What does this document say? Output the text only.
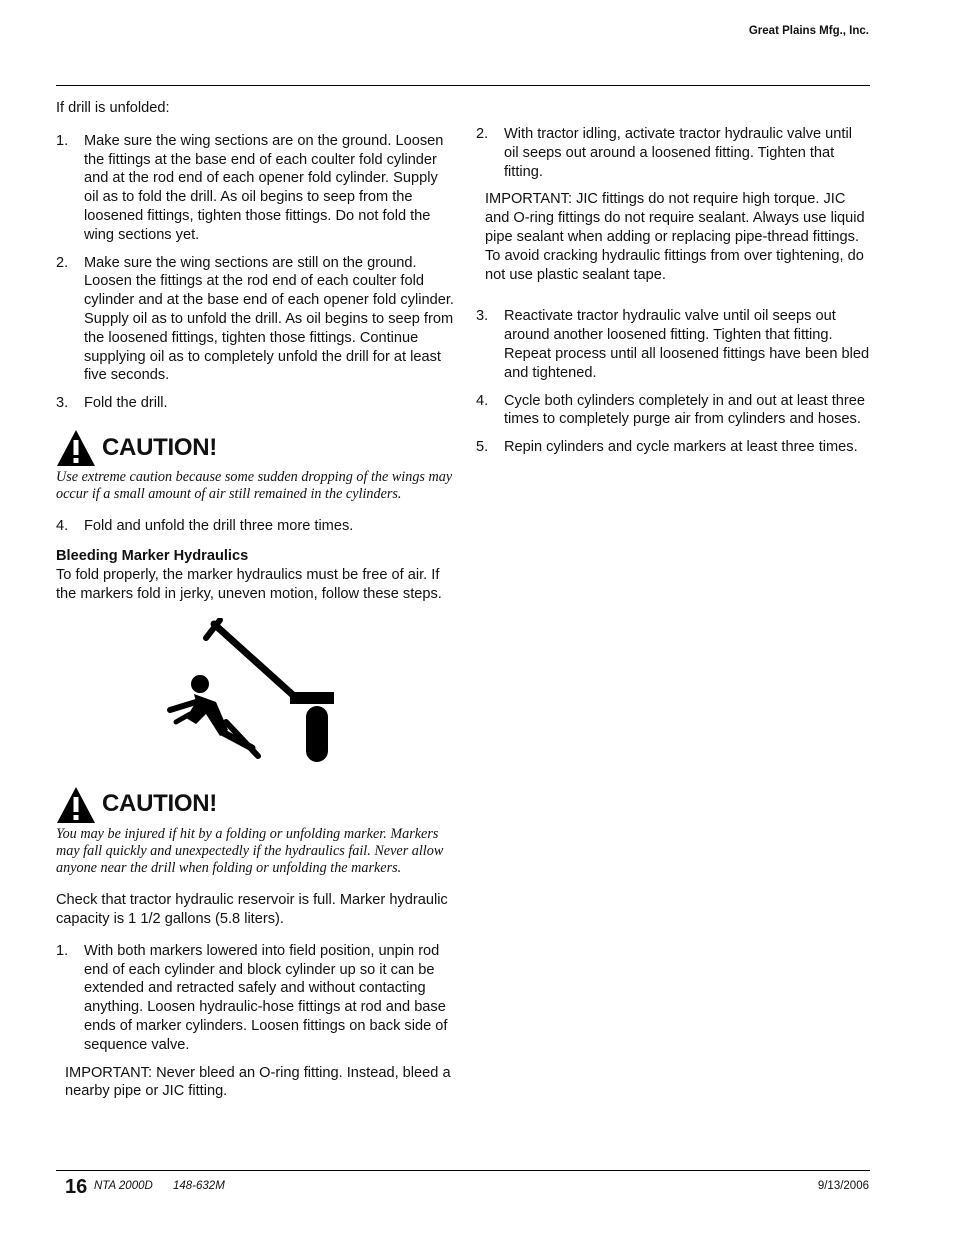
Great Plains Mfg., Inc.

If drill is unfolded:

1. Make sure the wing sections are on the ground. Loosen the fittings at the base end of each coulter fold cylinder and at the rod end of each opener fold cylinder. Supply oil as to fold the drill. As oil begins to seep from the loosened fittings, tighten those fittings. Do not fold the wing sections yet.
2. Make sure the wing sections are still on the ground. Loosen the fittings at the rod end of each coulter fold cylinder and at the base end of each opener fold cylinder. Supply oil as to unfold the drill. As oil begins to seep from the loosened fittings, tighten those fittings. Continue supplying oil as to completely unfold the drill for at least five seconds.
3. Fold the drill.
CAUTION!

Use extreme caution because some sudden dropping of the wings may occur if a small amount of air still remained in the cylinders.

4. Fold and unfold the drill three more times.

Bleeding Marker Hydraulics

To fold properly, the marker hydraulics must be free of air. If the markers fold in jerky, uneven motion, follow these steps.

CAUTION!

You may be injured if hit by a folding or unfolding marker. Markers may fall quickly and unexpectedly if the hydraulics fail. Never allow anyone near the drill when folding or unfolding the markers.

Check that tractor hydraulic reservoir is full. Marker hydraulic capacity is 1 1/2 gallons (5.8 liters).

1. With both markers lowered into field position, unpin rod end of each cylinder and block cylinder up so it can be extended and retracted safely and without contacting anything. Loosen hydraulic-hose fittings at rod and base ends of marker cylinders. Loosen fittings on back side of sequence valve.

IMPORTANT: Never bleed an O-ring fitting. Instead, bleed a nearby pipe or JIC fitting.

2. With tractor idling, activate tractor hydraulic valve until oil seeps out around a loosened fitting. Tighten that fitting.

IMPORTANT: JIC fittings do not require high torque. JIC and O-ring fittings do not require sealant. Always use liquid pipe sealant when adding or replacing pipe-thread fittings. To avoid cracking hydraulic fittings from over tightening, do not use plastic sealant tape.

3. Reactivate tractor hydraulic valve until oil seeps out around another loosened fitting. Tighten that fitting. Repeat process until all loosened fittings have been bled and tightened.
4. Cycle both cylinders completely in and out at least three times to completely purge air from cylinders and hoses.
5. Repin cylinders and cycle markers at least three times.
16 NTA 2000D 148-632M	9/13/2006
